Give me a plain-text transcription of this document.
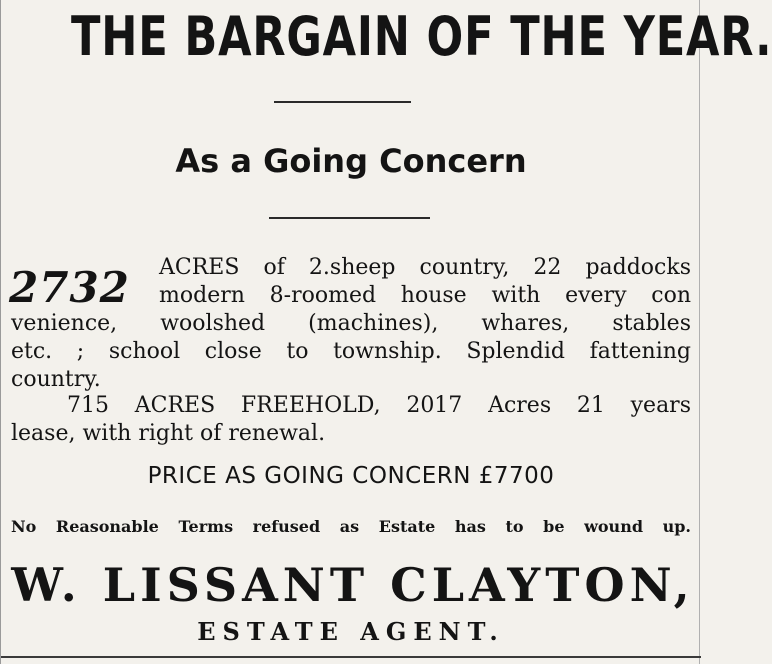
THE BARGAIN OF THE YEAR.
As a Going Concern
2732 ACRES of 2.sheep country, 22 paddocks
modern 8-roomed house with every con
venience, woolshed (machines), whares, stables
etc. ; school close to township. Splendid fattening
country.
715 ACRES FREEHOLD, 2017 Acres 21 years
lease, with right of renewal.
PRICE AS GOING CONCERN £7700
No Reasonable Terms refused as Estate has to be wound up.
W. LISSANT CLAYTON,
ESTATE AGENT.
